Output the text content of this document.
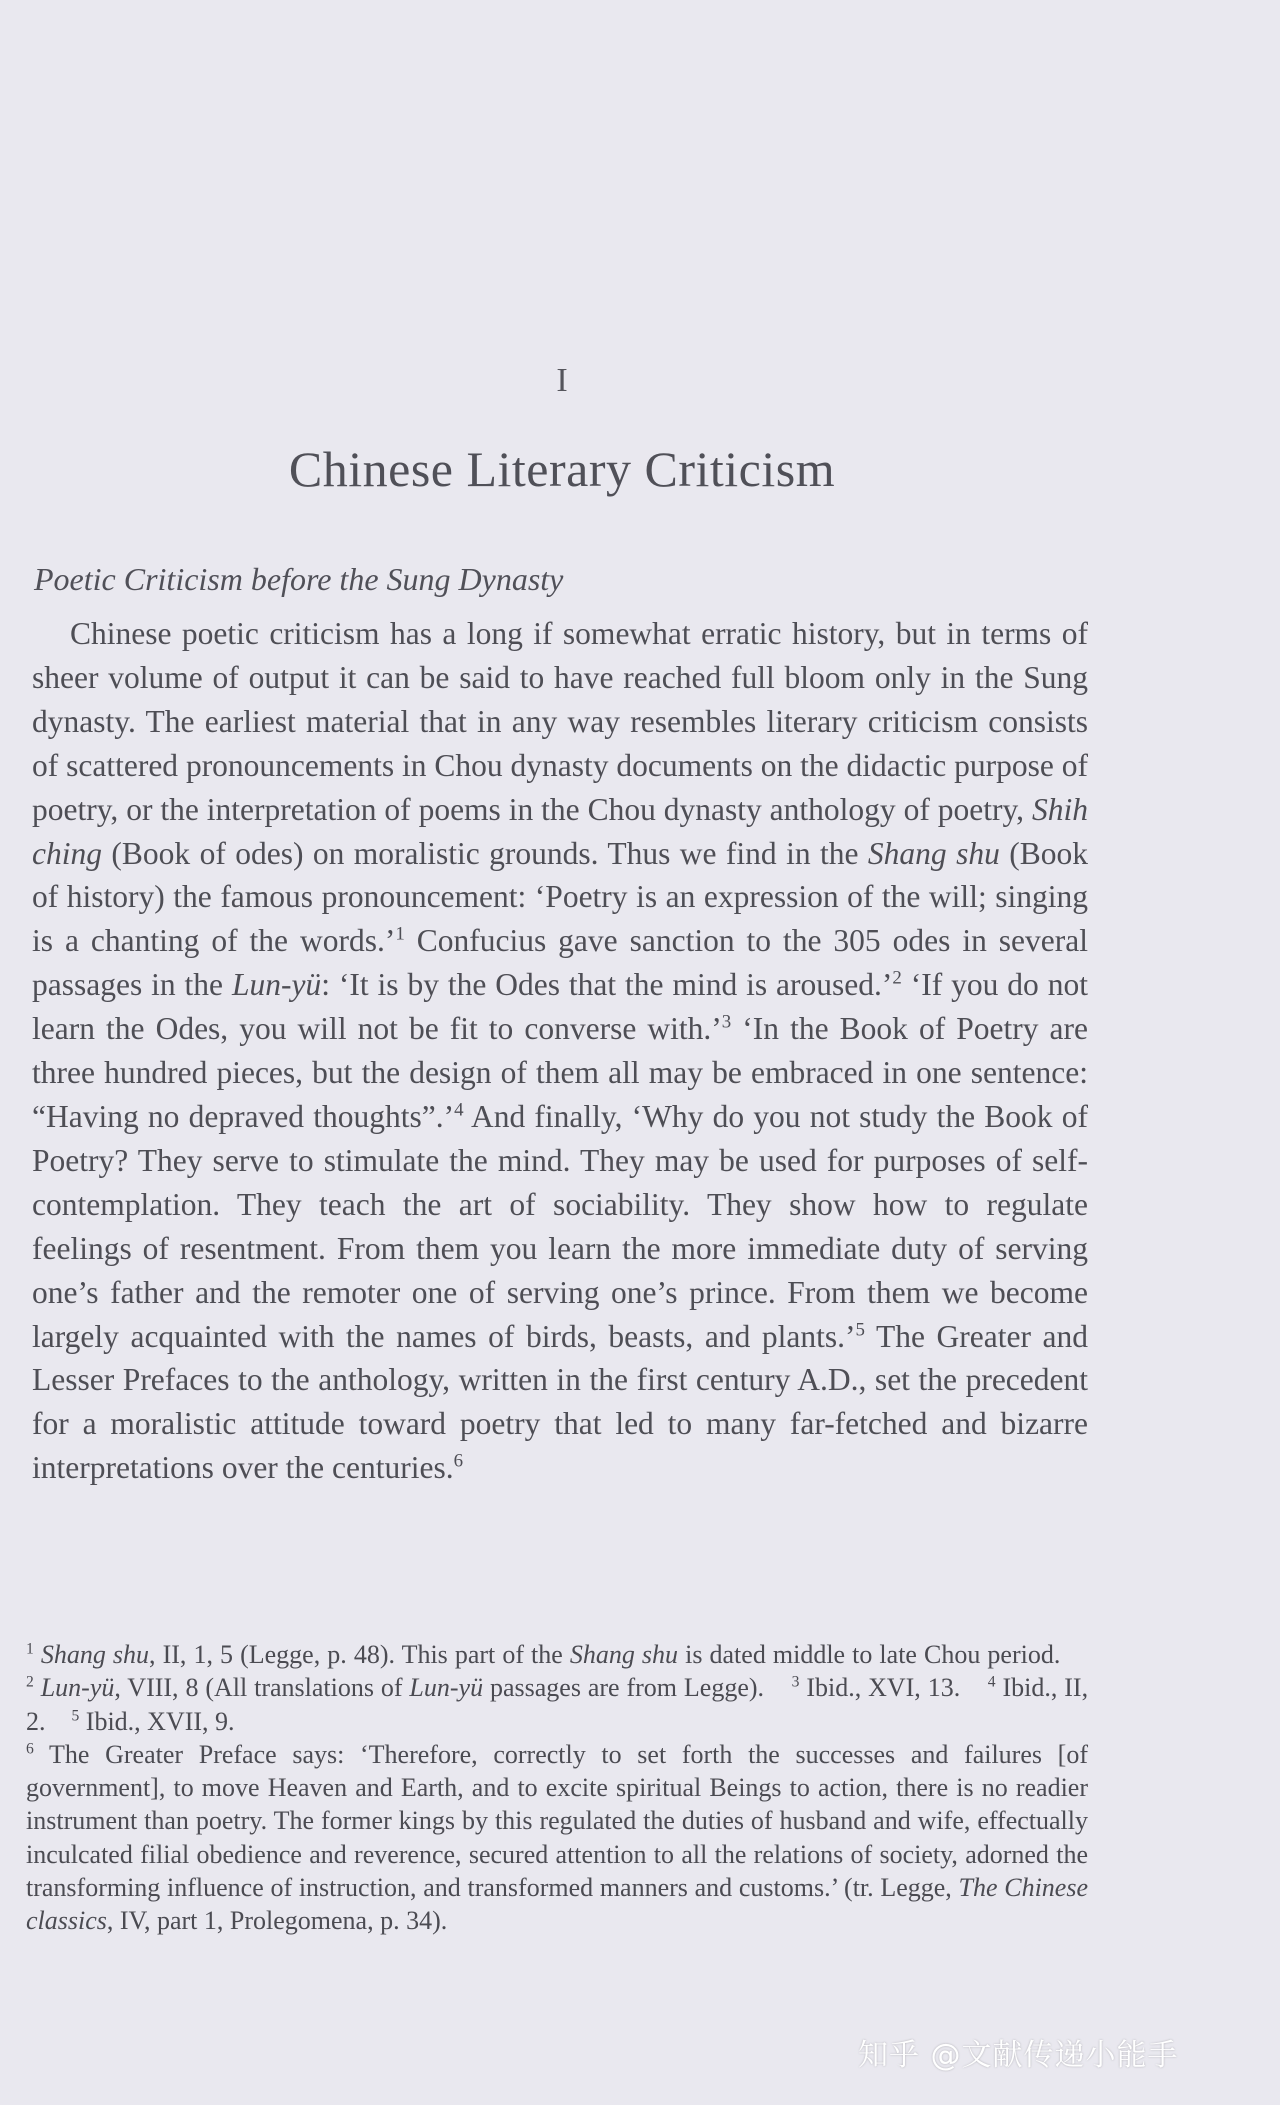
I
Chinese Literary Criticism
Poetic Criticism before the Sung Dynasty

Chinese poetic criticism has a long if somewhat erratic history, but in terms of sheer volume of output it can be said to have reached full bloom only in the Sung dynasty. The earliest material that in any way resembles literary criticism consists of scattered pronouncements in Chou dynasty documents on the didactic purpose of poetry, or the interpretation of poems in the Chou dynasty anthology of poetry, Shih ching (Book of odes) on moralistic grounds. Thus we find in the Shang shu (Book of history) the famous pronouncement: ‘Poetry is an expression of the will; singing is a chanting of the words.’$^1$ Confucius gave sanction to the 305 odes in several passages in the Lun-yü: ‘It is by the Odes that the mind is aroused.’$^2$ ‘If you do not learn the Odes, you will not be fit to converse with.’$^3$ ‘In the Book of Poetry are three hundred pieces, but the design of them all may be embraced in one sentence: “Having no depraved thoughts”.’$^4$ And finally, ‘Why do you not study the Book of Poetry? They serve to stimulate the mind. They may be used for purposes of self-contemplation. They teach the art of sociability. They show how to regulate feelings of resentment. From them you learn the more immediate duty of serving one’s father and the remoter one of serving one’s prince. From them we become largely acquainted with the names of birds, beasts, and plants.’$^5$ The Greater and Lesser Prefaces to the anthology, written in the first century A.D., set the precedent for a moralistic attitude toward poetry that led to many far-fetched and bizarre interpretations over the centuries.$^6$

$^1$ Shang shu, II, 1, 5 (Legge, p. 48). This part of the Shang shu is dated middle to late Chou period.     $^2$ Lun-yü, VIII, 8 (All translations of Lun-yü passages are from Legge). $^3$ Ibid., XVI, 13. $^4$ Ibid., II, 2. $^5$ Ibid., XVII, 9.

$^6$ The Greater Preface says: ‘Therefore, correctly to set forth the successes and failures [of government], to move Heaven and Earth, and to excite spiritual Beings to action, there is no readier instrument than poetry. The former kings by this regulated the duties of husband and wife, effectually inculcated filial obedience and reverence, secured attention to all the relations of society, adorned the transforming influence of instruction, and transformed manners and customs.’ (tr. Legge, The Chinese classics, IV, part 1, Prolegomena, p. 34).

知乎 @文献传递小能手
